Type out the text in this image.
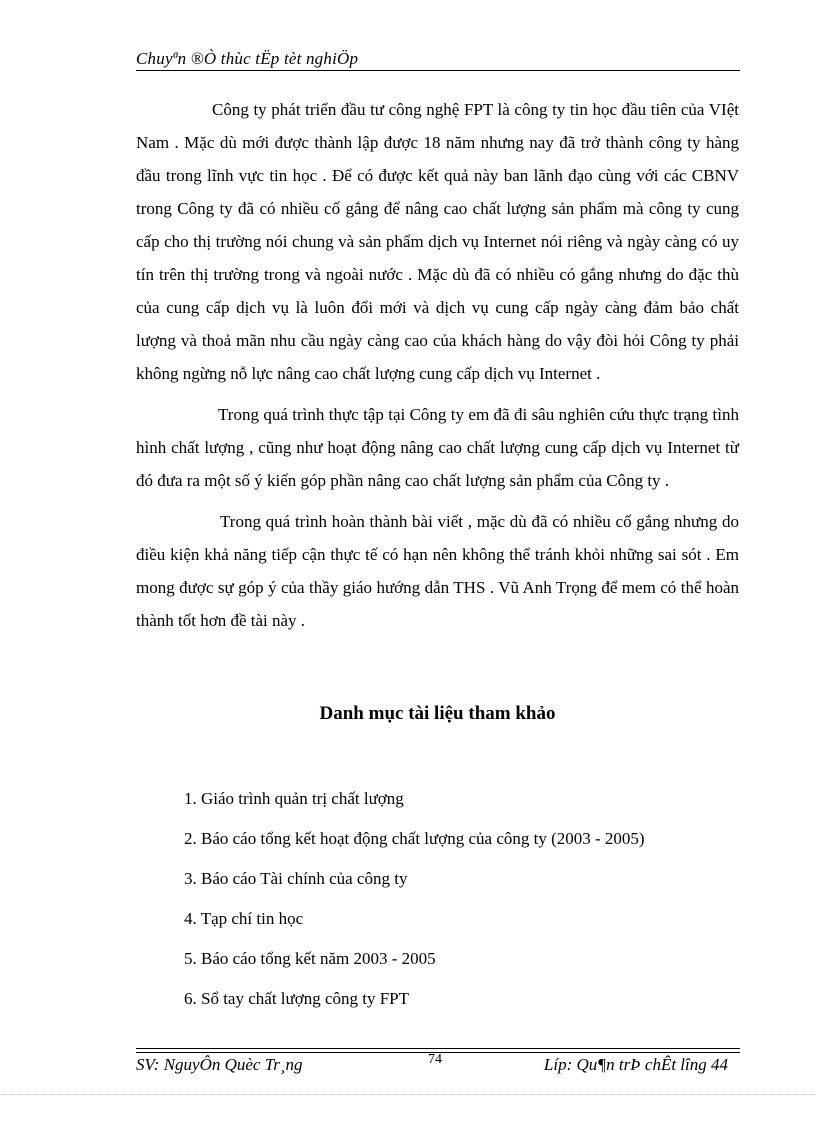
Chuyªn ®Ò thùc tËp tèt nghiÖp

Công ty phát triển đầu tư công nghệ FPT là công ty tin học đầu tiên của VIệt Nam . Mặc dù mới được thành lập được 18 năm nhưng nay đã trở thành công ty hàng đầu trong lĩnh vực tin học . Để có được kết quả này ban lãnh đạo cùng với các CBNV trong Công ty đã có nhiều cố gắng để nâng cao chất lượng sản phẩm mà công ty cung cấp cho thị trường nói chung và sản phẩm dịch vụ Internet nói riêng và ngày càng có uy tín trên thị trường trong và ngoài nước . Mặc dù đã có nhiều có gắng nhưng do đặc thù của cung cấp dịch vụ là luôn đổi mới và dịch vụ cung cấp ngày càng đảm bảo chất lượng và thoả mãn nhu cầu ngày càng cao của khách hàng do vậy đòi hỏi Công ty phải không ngừng nỗ lực nâng cao chất lượng cung cấp dịch vụ Internet .

Trong quá trình thực tập tại Công ty em đã đi sâu nghiên cứu thực trạng tình hình chất lượng , cũng như hoạt động nâng cao chất lượng cung cấp dịch vụ Internet từ đó đưa ra một số ý kiến góp phần nâng cao chất lượng sản phẩm của Công ty .

Trong quá trình hoàn thành bài viết , mặc dù đã có nhiều cố gắng nhưng do điều kiện khả năng tiếp cận thực tế có hạn nên không thể tránh khỏi những sai sót . Em mong được sự góp ý của thầy giáo hướng dẫn THS . Vũ Anh Trọng để mem có thể hoàn thành tốt hơn đề tài này .

Danh mục tài liệu tham khảo
1. Giáo trình quản trị chất lượng
2. Báo cáo tổng kết hoạt động chất lượng của công ty (2003 - 2005)
3. Báo cáo Tài chính của công ty
4. Tạp chí tin học
5. Báo cáo tổng kết năm 2003 - 2005
6. Sổ tay chất lượng công ty FPT
SV: NguyÔn Quèc Tr¸ng	74	Líp: Qu¶n trÞ chÊt lîng 44
